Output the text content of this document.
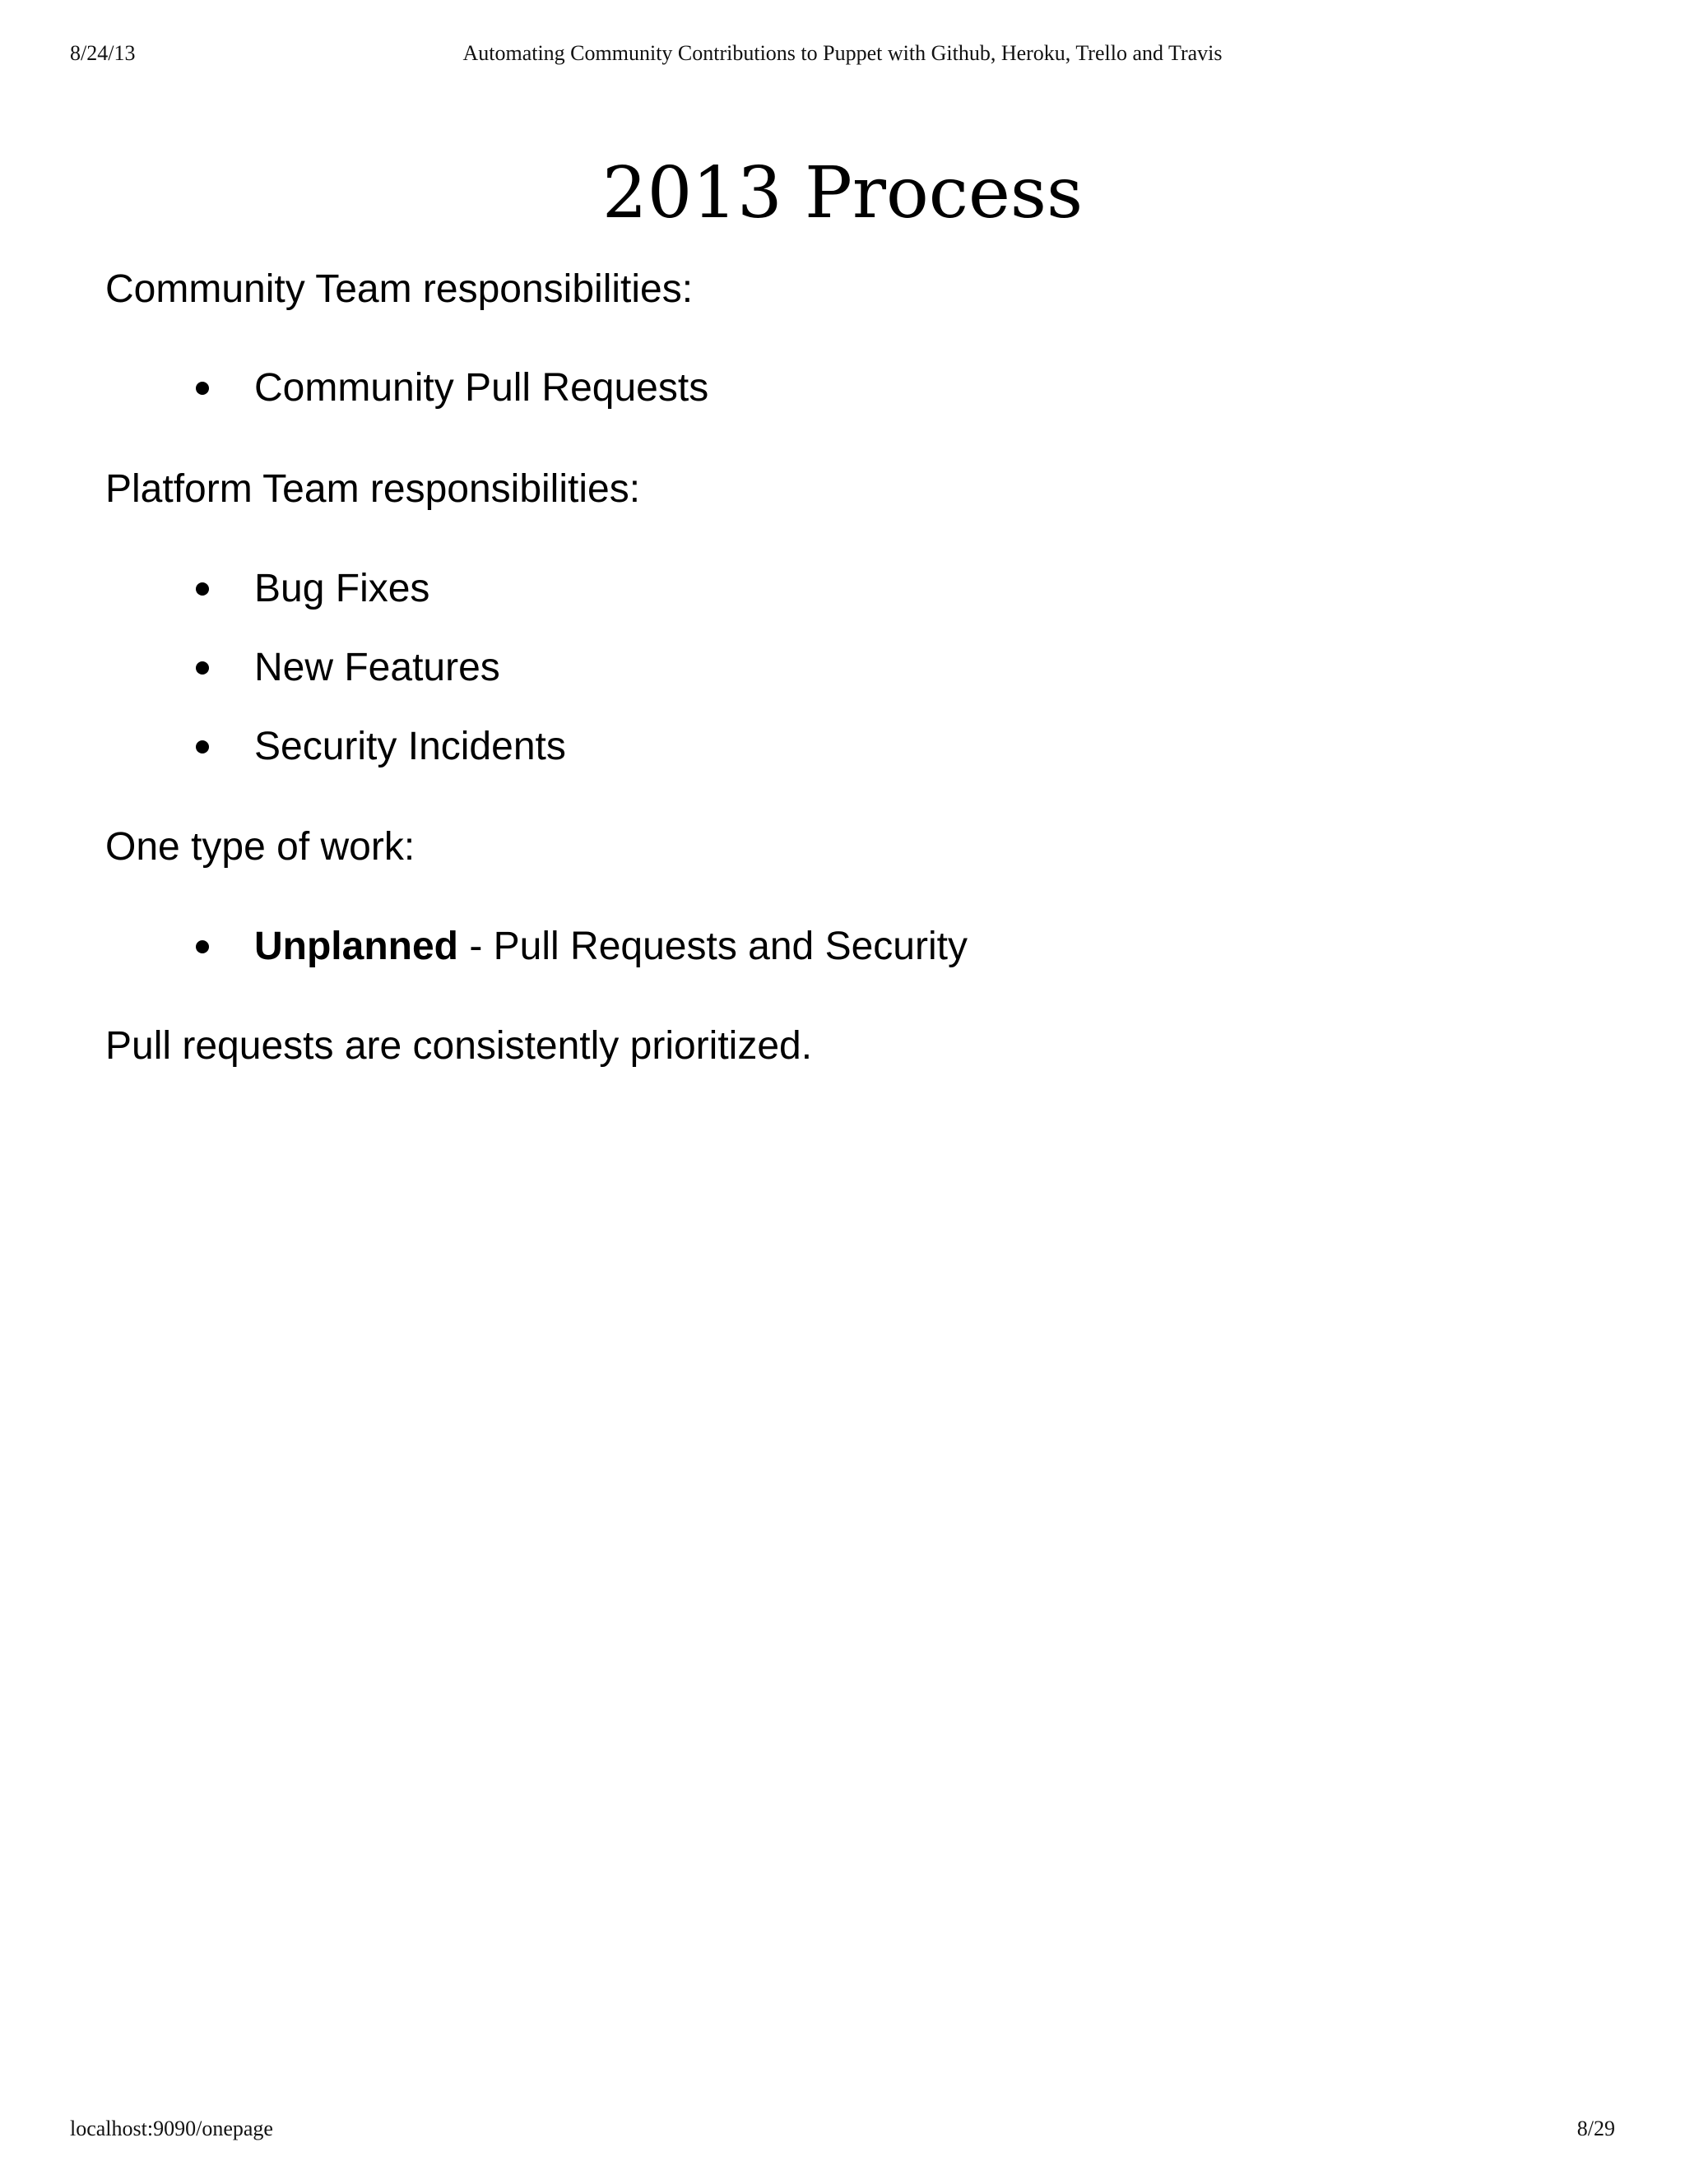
8/24/13	Automating Community Contributions to Puppet with Github, Heroku, Trello and Travis
2013 Process

Community Team responsibilities:

Community Pull Requests

Platform Team responsibilities:

Bug Fixes
New Features
Security Incidents

One type of work:

Unplanned - Pull Requests and Security

Pull requests are consistently prioritized.

localhost:9090/onepage	8/29
